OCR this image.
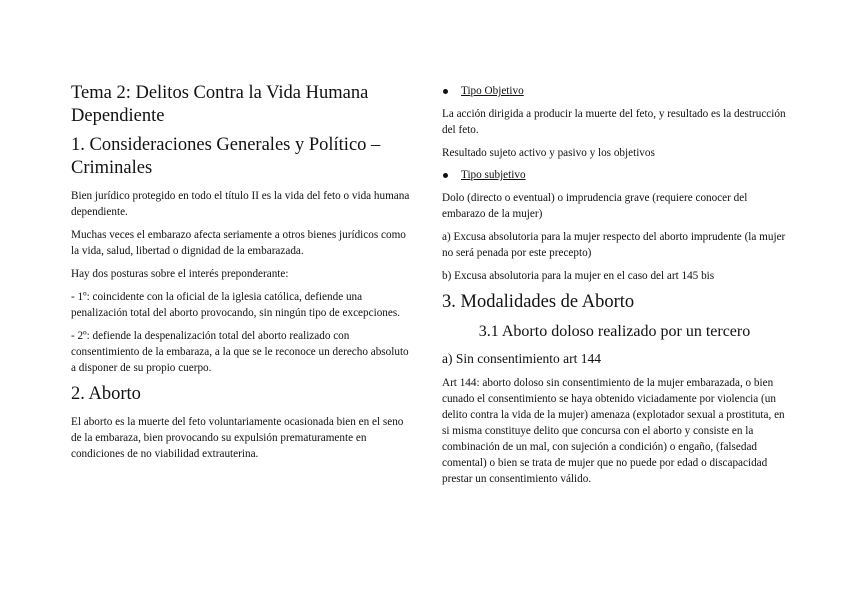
Tema 2: Delitos Contra la Vida Humana Dependiente
1. Consideraciones Generales y Político – Criminales

Bien jurídico protegido en todo el título II es la vida del feto o vida humana dependiente.

Muchas veces el embarazo afecta seriamente a otros bienes jurídicos como la vida, salud, libertad o dignidad de la embarazada.

Hay dos posturas sobre el interés preponderante:

- 1º: coincidente con la oficial de la iglesia católica, defiende una penalización total del aborto provocando, sin ningún tipo de excepciones.

- 2º: defiende la despenalización total del aborto realizado con consentimiento de la embaraza, a la que se le reconoce un derecho absoluto a disponer de su propio cuerpo.

2. Aborto

El aborto es la muerte del feto voluntariamente ocasionada bien en el seno de la embaraza, bien provocando su expulsión prematuramente en condiciones de no viabilidad extrauterina.

Tipo Objetivo

La acción dirigida a producir la muerte del feto, y resultado es la destrucción del feto.

Resultado sujeto activo y pasivo y los objetivos

Tipo subjetivo

Dolo (directo o eventual) o imprudencia grave (requiere conocer del embarazo de la mujer)

a) Excusa absolutoria para la mujer respecto del aborto imprudente (la mujer no será penada por este precepto)

b) Excusa absolutoria para la mujer en el caso del art 145 bis

3. Modalidades de Aborto
3.1 Aborto doloso realizado por un tercero
a) Sin consentimiento art 144

Art 144: aborto doloso sin consentimiento de la mujer embarazada, o bien cunado el consentimiento se haya obtenido viciadamente por violencia (un delito contra la vida de la mujer) amenaza (explotador sexual a prostituta, en si misma constituye delito que concursa con el aborto y consiste en la combinación de un mal, con sujeción a condición) o engaño, (falsedad comental) o bien se trata de mujer que no puede por edad o discapacidad prestar un consentimiento válido.
